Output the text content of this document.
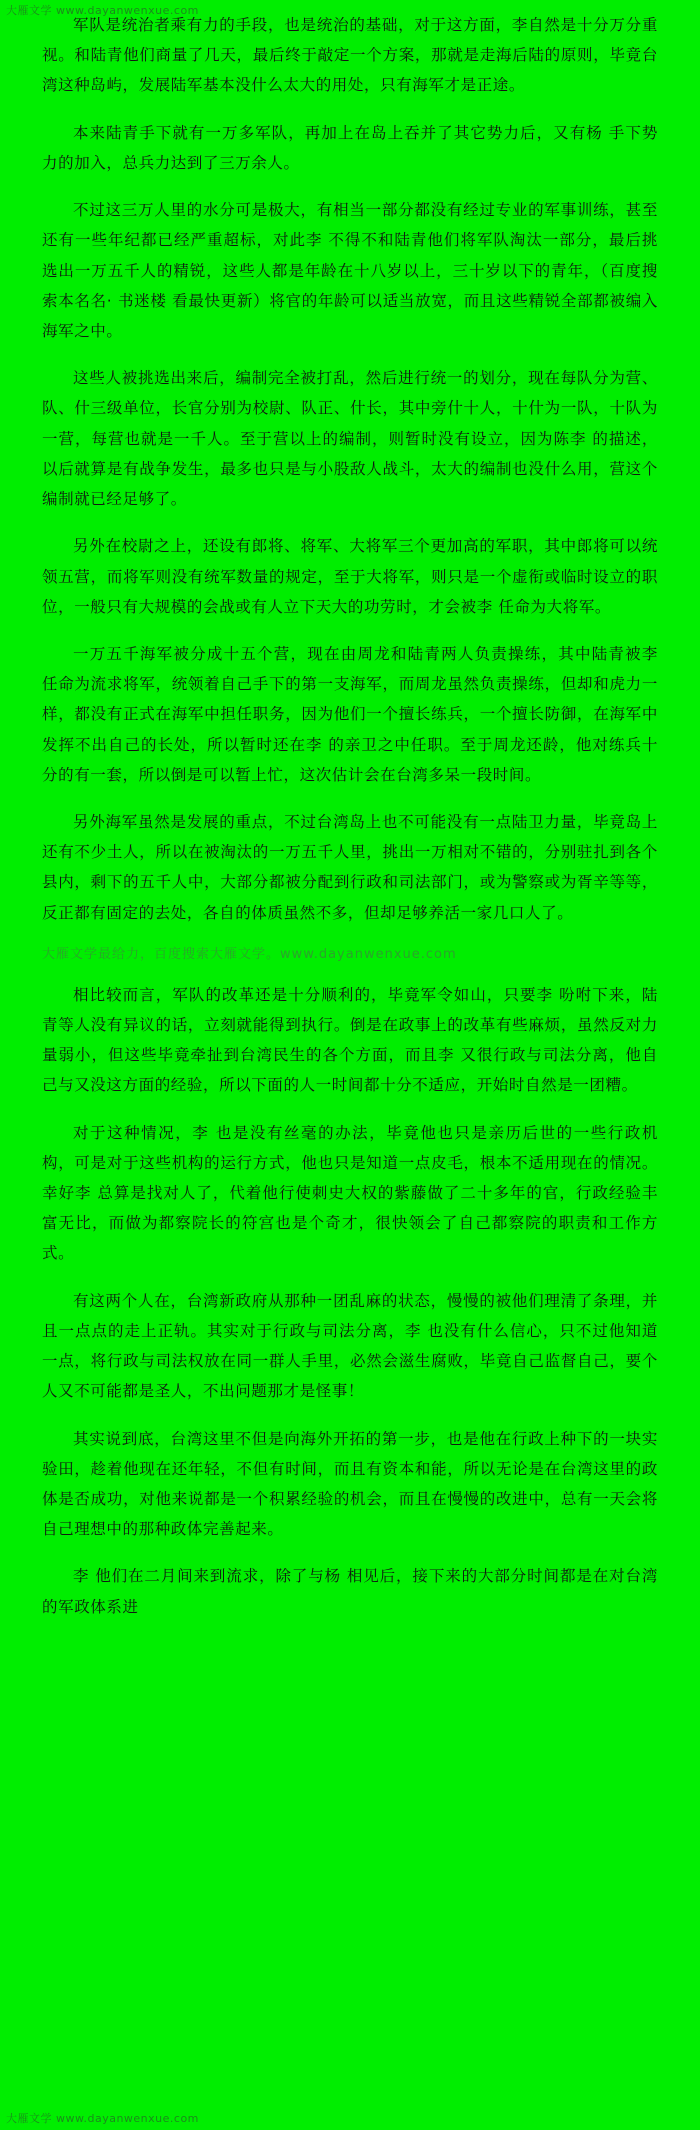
大雁文学 www.dayanwenxue.com

军队是统治者乘有力的手段，也是统治的基础，对于这方面，李自然是十分万分重视。和陆青他们商量了几天，最后终于敲定一个方案，那就是走海后陆的原则，毕竟台湾这种岛屿，发展陆军基本没什么太大的用处，只有海军才是正途。

本来陆青手下就有一万多军队，再加上在岛上吞并了其它势力后，又有杨 手下势力的加入，总兵力达到了三万余人。

不过这三万人里的水分可是极大，有相当一部分都没有经过专业的军事训练，甚至还有一些年纪都已经严重超标，对此李 不得不和陆青他们将军队淘汰一部分，最后挑选出一万五千人的精锐，这些人都是年龄在十八岁以上，三十岁以下的青年，（百度搜索本名名· 书迷楼 看最快更新）将官的年龄可以适当放宽，而且这些精锐全部都被编入海军之中。

这些人被挑选出来后，编制完全被打乱，然后进行统一的划分，现在每队分为营、队、什三级单位，长官分别为校尉、队正、什长，其中旁什十人，十什为一队，十队为一营，每营也就是一千人。至于营以上的编制，则暂时没有设立，因为陈李 的描述，以后就算是有战争发生，最多也只是与小股敌人战斗，太大的编制也没什么用，营这个编制就已经足够了。

另外在校尉之上，还设有郎将、将军、大将军三个更加高的军职，其中郎将可以统领五营，而将军则没有统军数量的规定，至于大将军，则只是一个虚衔或临时设立的职位，一般只有大规模的会战或有人立下天大的功劳时，才会被李 任命为大将军。

一万五千海军被分成十五个营，现在由周龙和陆青两人负责操练，其中陆青被李 任命为流求将军，统领着自己手下的第一支海军，而周龙虽然负责操练，但却和虎力一样，都没有正式在海军中担任职务，因为他们一个擅长练兵，一个擅长防御，在海军中发挥不出自己的长处，所以暂时还在李 的亲卫之中任职。至于周龙还龄，他对练兵十分的有一套，所以倒是可以暂上忙，这次估计会在台湾多呆一段时间。

另外海军虽然是发展的重点，不过台湾岛上也不可能没有一点陆卫力量，毕竟岛上还有不少土人，所以在被淘汰的一万五千人里，挑出一万相对不错的，分别驻扎到各个县内，剩下的五千人中，大部分都被分配到行政和司法部门，或为警察或为胥辛等等，反正都有固定的去处，各自的体质虽然不多，但却足够养活一家几口人了。

大雁文学最给力，百度搜索大雁文学。www.dayanwenxue.com

相比较而言，军队的改革还是十分顺利的，毕竟军令如山，只要李 吩咐下来，陆青等人没有异议的话，立刻就能得到执行。倒是在政事上的改革有些麻烦，虽然反对力量弱小，但这些毕竟牵扯到台湾民生的各个方面，而且李 又很行政与司法分离，他自己与又没这方面的经验，所以下面的人一时间都十分不适应，开始时自然是一团糟。

对于这种情况，李 也是没有丝毫的办法，毕竟他也只是亲历后世的一些行政机构，可是对于这些机构的运行方式，他也只是知道一点皮毛，根本不适用现在的情况。幸好李 总算是找对人了，代着他行使刺史大权的紫藤做了二十多年的官，行政经验丰富无比，而做为都察院长的符宫也是个奇才，很快领会了自己都察院的职责和工作方式。

有这两个人在，台湾新政府从那种一团乱麻的状态，慢慢的被他们理清了条理，并且一点点的走上正轨。其实对于行政与司法分离，李 也没有什么信心，只不过他知道一点，将行政与司法权放在同一群人手里，必然会滋生腐败，毕竟自己监督自己，要个人又不可能都是圣人，不出问题那才是怪事！

其实说到底，台湾这里不但是向海外开拓的第一步，也是他在行政上种下的一块实验田，趁着他现在还年轻，不但有时间，而且有资本和能，所以无论是在台湾这里的政体是否成功，对他来说都是一个积累经验的机会，而且在慢慢的改进中，总有一天会将自己理想中的那种政体完善起来。

李 他们在二月间来到流求，除了与杨 相见后，接下来的大部分时间都是在对台湾的军政体系进

大雁文学 www.dayanwenxue.com
